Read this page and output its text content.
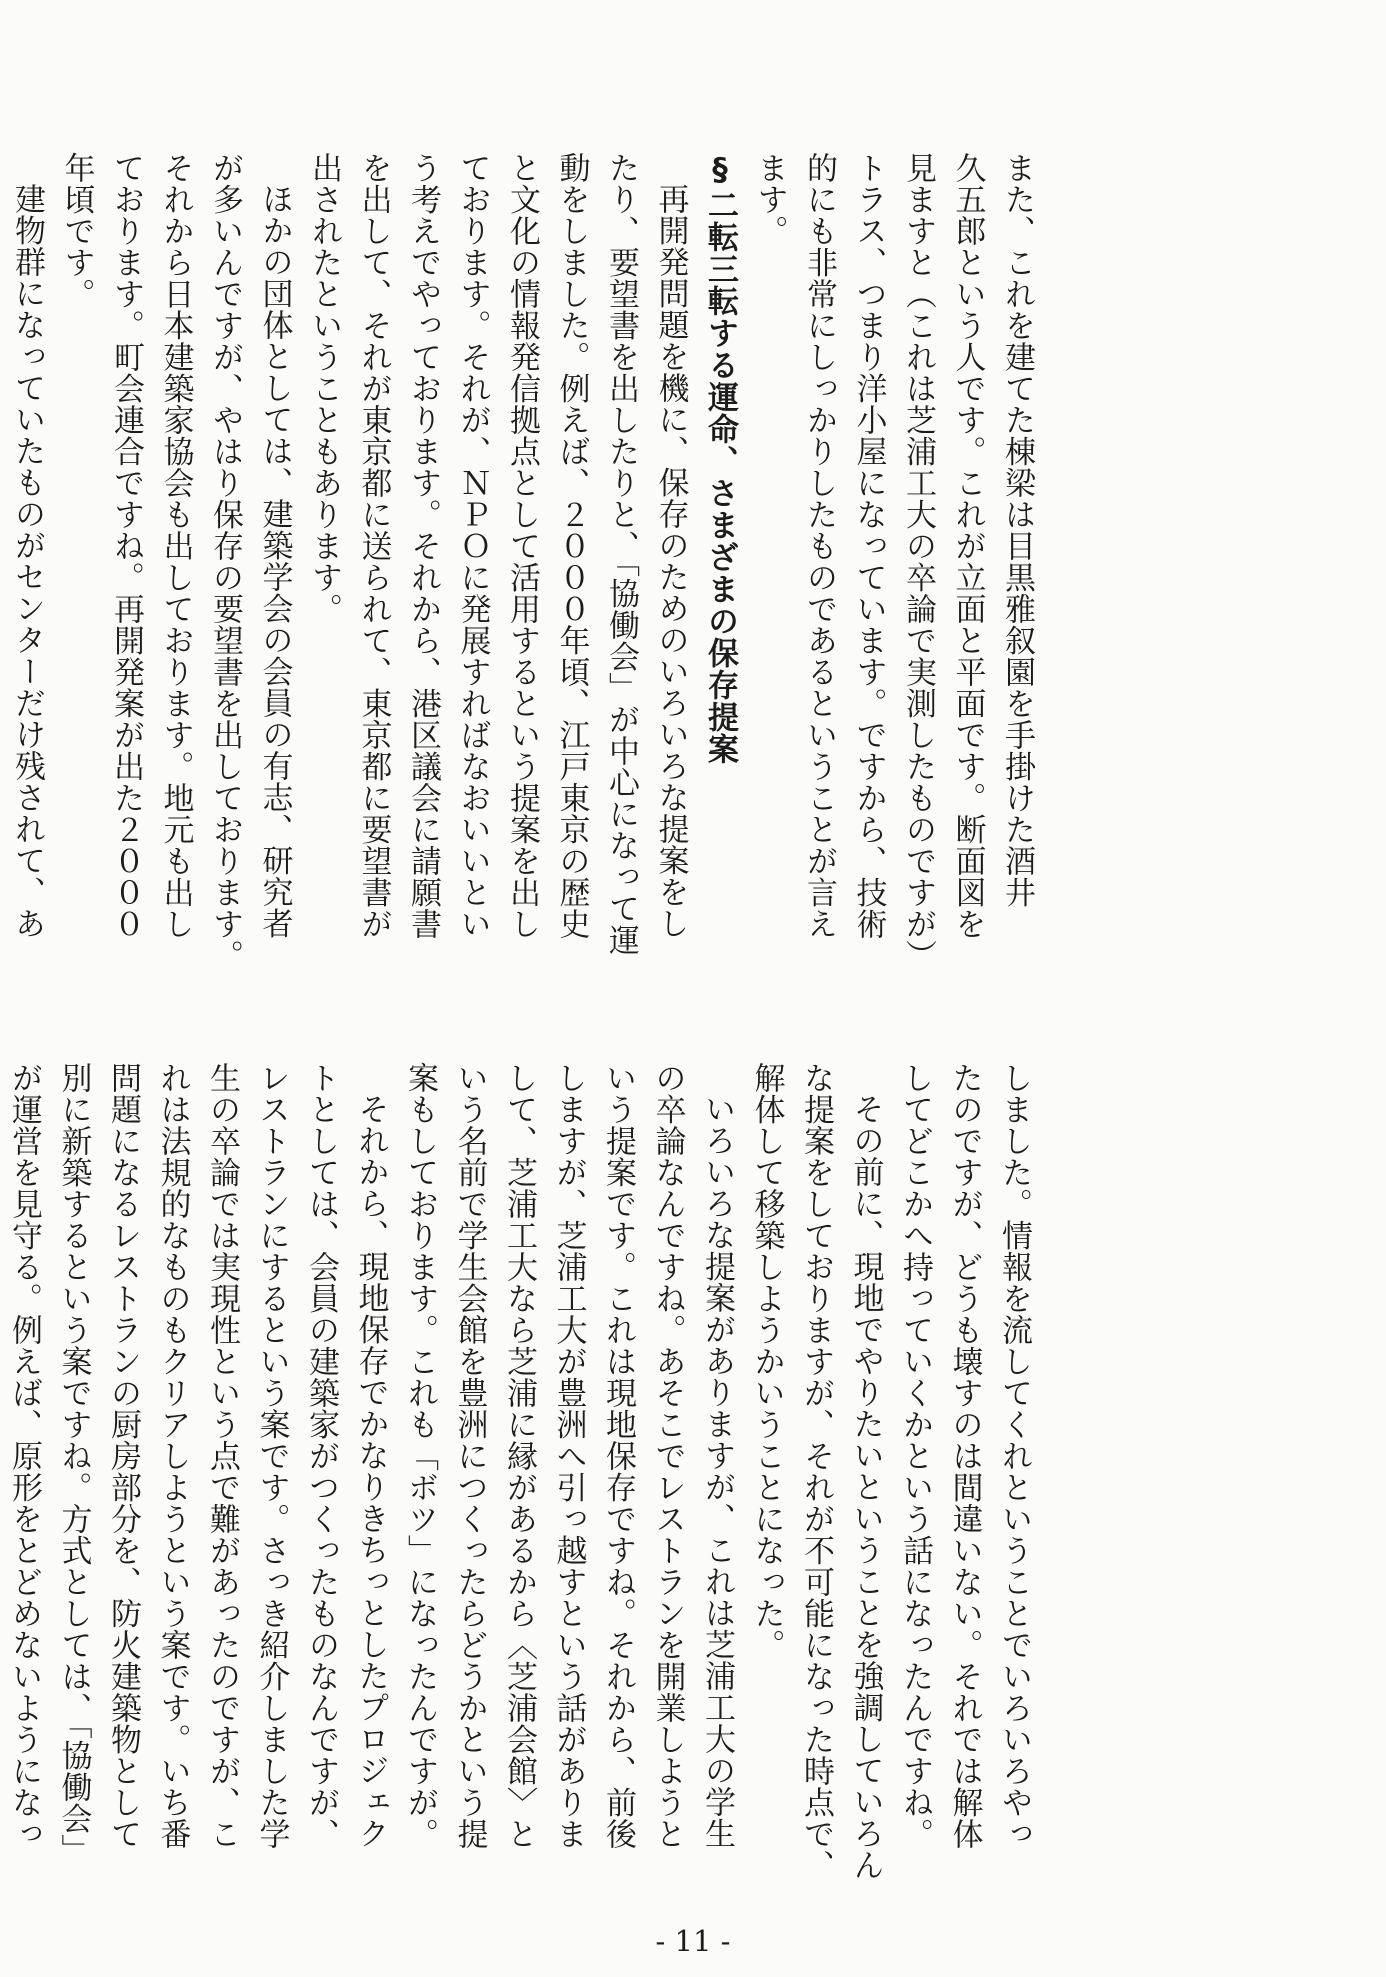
また、これを建てた棟梁は目黒雅叙園を手掛けた酒井

久五郎という人です。これが立面と平面です。断面図を

見ますと（これは芝浦工大の卒論で実測したものですが）

トラス、つまり洋小屋になっています。ですから、技術

的にも非常にしっかりしたものであるということが言え

ます。

§二転三転する運命、さまざまの保存提案

再開発問題を機に、保存のためのいろいろな提案をし

たり、要望書を出したりと、「協働会」が中心になって運

動をしました。例えば、２０００年頃、江戸東京の歴史

と文化の情報発信拠点として活用するという提案を出し

ております。それが、ＮＰＯに発展すればなおいいとい

う考えでやっております。それから、港区議会に請願書

を出して、それが東京都に送られて、東京都に要望書が

出されたということもあります。

ほかの団体としては、建築学会の会員の有志、研究者

が多いんですが、やはり保存の要望書を出しております。

それから日本建築家協会も出しております。地元も出し

ております。町会連合ですね。再開発案が出た２０００

年頃です。

建物群になっていたものがセンターだけ残されて、あ

しました。情報を流してくれということでいろいろやっ

たのですが、どうも壊すのは間違いない。それでは解体

してどこかへ持っていくかという話になったんですね。

その前に、現地でやりたいということを強調していろん

な提案をしておりますが、それが不可能になった時点で、

解体して移築しようかいうことになった。

いろいろな提案がありますが、これは芝浦工大の学生

の卒論なんですね。あそこでレストランを開業しようと

いう提案です。これは現地保存ですね。それから、前後

しますが、芝浦工大が豊洲へ引っ越すという話がありま

して、芝浦工大なら芝浦に縁があるから〈芝浦会館〉と

いう名前で学生会館を豊洲につくったらどうかという提

案もしております。これも「ボツ」になったんですが。

それから、現地保存でかなりきちっとしたプロジェク

トとしては、会員の建築家がつくったものなんですが、

レストランにするという案です。さっき紹介しました学

生の卒論では実現性という点で難があったのですが、こ

れは法規的なものもクリアしようという案です。いち番

問題になるレストランの厨房部分を、防火建築物として

別に新築するという案ですね。方式としては、「協働会」

が運営を見守る。例えば、原形をとどめないようになっ

- 11 -
